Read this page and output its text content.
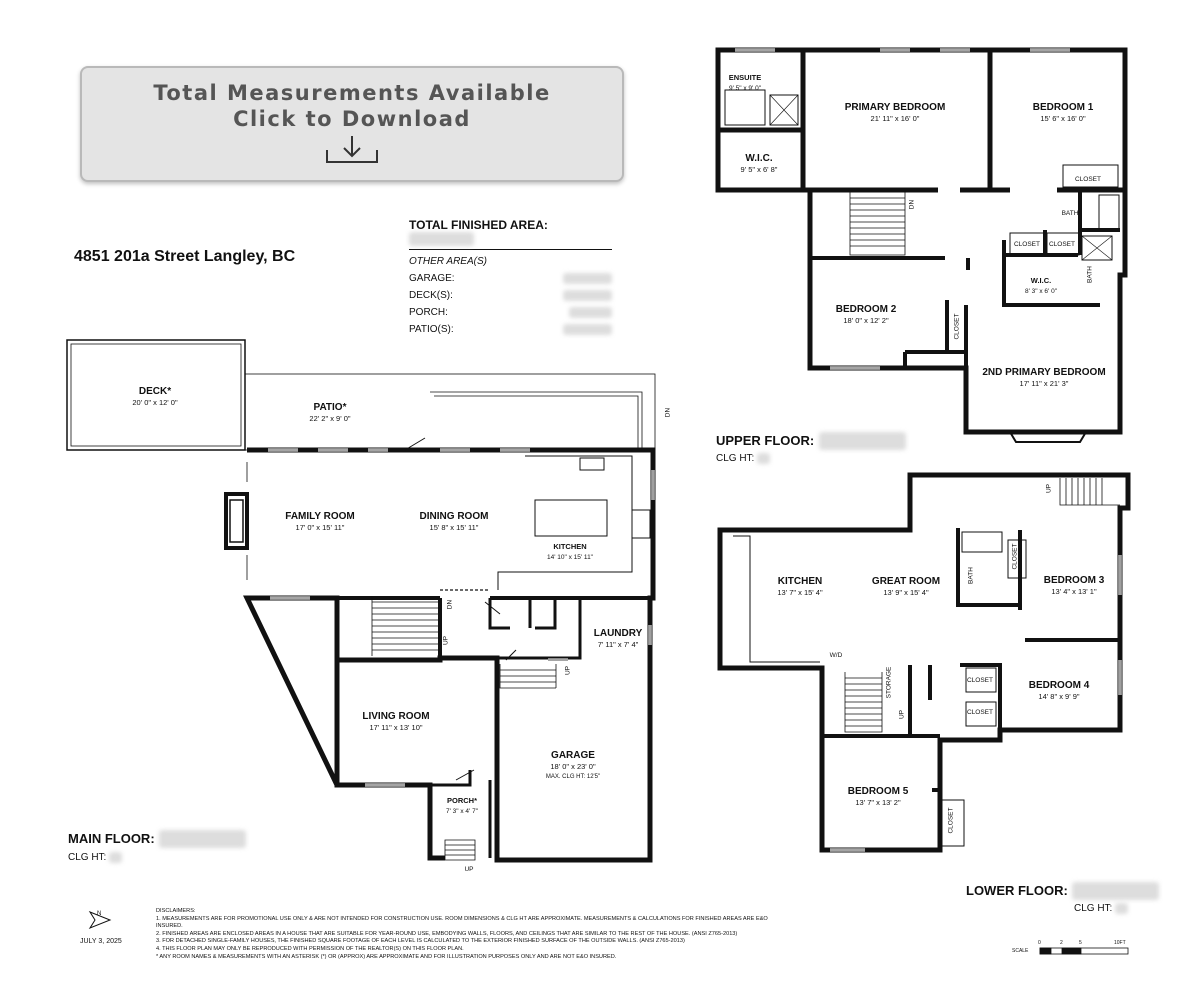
Total Measurements Available
Click to Download
4851 201a Street Langley, BC
TOTAL FINISHED AREA:
OTHER AREA(S)
GARAGE:
DECK(S):
PORCH:
PATIO(S):
DECK*
20' 0" x 12' 0"	PATIO*
22' 2" x 9' 0"
FAMILY ROOM
17' 0" x 15' 11"
DINING ROOM
15' 8" x 15' 11"
KITCHEN
14' 10" x 15' 11"
LAUNDRY
7' 11" x 7' 4"
LIVING ROOM
17' 11" x 13' 10"
GARAGE
18' 0" x 23' 0"
MAX. CLG HT: 12'5"
PORCH*
7' 3" x 4' 7"
ENSUITE
9' 5" x 9' 0"
W.I.C.
9' 5" x 6' 8"
PRIMARY BEDROOM
21' 11" x 16' 0"
BEDROOM 1
15' 6" x 16' 0"
BEDROOM 2
18' 0" x 12' 2"
2ND PRIMARY BEDROOM
17' 11" x 21' 3"
W.I.C.
8' 3" x 6' 0"
KITCHEN
13' 7" x 15' 4"
GREAT ROOM
13' 9" x 15' 4"
BEDROOM 3
13' 4" x 13' 1"
BEDROOM 4
14' 8" x 9' 9"
BEDROOM 5
13' 7" x 13' 2"
CLOSET
CLOSET	CLOSET
CLOSET
CLOSET
CLOSET
CLOSET
CLOSET
UP
DN
UP
UP
DN
DN
UP
UP
STORAGE
W/D
BATH
BATH
BATH
MAIN FLOOR:
CLG HT:
UPPER FLOOR:
CLG HT:
LOWER FLOOR:
CLG HT:
DISCLAIMERS:
1. MEASUREMENTS ARE FOR PROMOTIONAL USE ONLY & ARE NOT INTENDED FOR CONSTRUCTION USE. ROOM DIMENSIONS & CLG HT ARE APPROXIMATE. MEASUREMENTS & CALCULATIONS FOR FINISHED AREAS ARE E&O INSURED.
2. FINISHED AREAS ARE ENCLOSED AREAS IN A HOUSE THAT ARE SUITABLE FOR YEAR-ROUND USE, EMBODYING WALLS, FLOORS, AND CEILINGS THAT ARE SIMILAR TO THE REST OF THE HOUSE. (ANSI Z765-2013)
3. FOR DETACHED SINGLE-FAMILY HOUSES, THE FINISHED SQUARE FOOTAGE OF EACH LEVEL IS CALCULATED TO THE EXTERIOR FINISHED SURFACE OF THE OUTSIDE WALLS. (ANSI Z765-2013)
4. THIS FLOOR PLAN MAY ONLY BE REPRODUCED WITH PERMISSION OF THE REALTOR(S) ON THIS FLOOR PLAN.
* ANY ROOM NAMES & MEASUREMENTS WITH AN ASTERISK (*) OR (APPROX) ARE APPROXIMATE AND FOR ILLUSTRATION PURPOSES ONLY AND ARE NOT E&O INSURED.
JULY 3, 2025
N
SCALE
0	2	5	10FT
